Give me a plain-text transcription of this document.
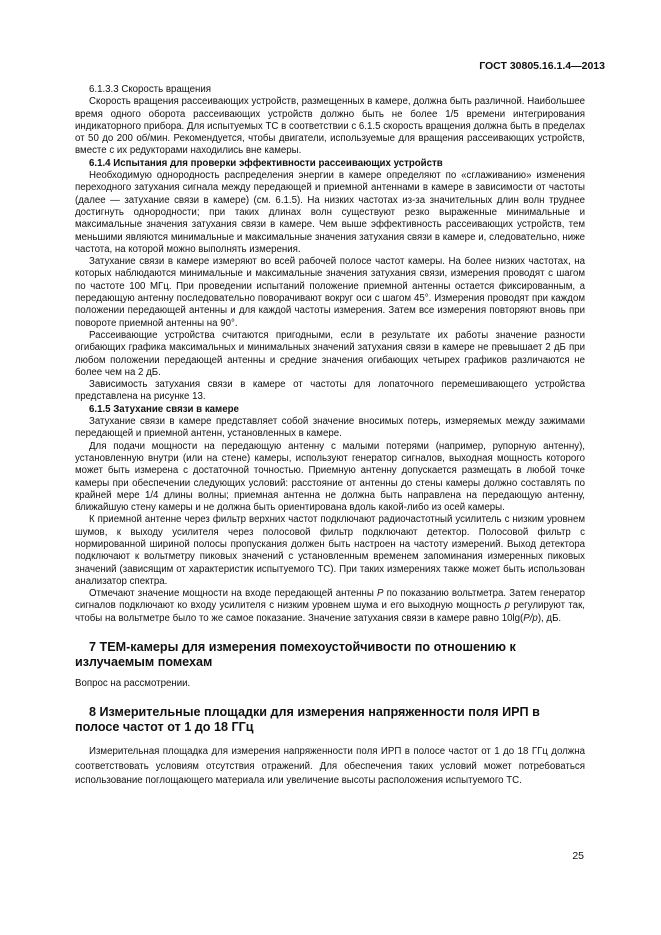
ГОСТ 30805.16.1.4—2013

6.1.3.3 Скорость вращения

Скорость вращения рассеивающих устройств, размещенных в камере, должна быть различной. Наибольшее время одного оборота рассеивающих устройств должно быть не более 1/5 времени интегрирования индикаторного прибора. Для испытуемых ТС в соответствии с 6.1.5 скорость вращения должна быть в пределах от 50 до 200 об/мин. Рекомендуется, чтобы двигатели, используемые для вращения рассеивающих устройств, вместе с их редукторами находились вне камеры.

6.1.4 Испытания для проверки эффективности рассеивающих устройств

Необходимую однородность распределения энергии в камере определяют по «сглаживанию» изменения переходного затухания сигнала между передающей и приемной антеннами в камере в зависимости от частоты (далее — затухание связи в камере) (см. 6.1.5). На низких частотах из-за значительных длин волн труднее достигнуть однородности; при таких длинах волн существуют резко выраженные минимальные и максимальные значения затухания связи в камере. Чем выше эффективность рассеивающих устройств, тем меньшими являются минимальные и максимальные значения затухания связи в камере и, следовательно, ниже частота, на которой можно выполнять измерения.

Затухание связи в камере измеряют во всей рабочей полосе частот камеры. На более низких частотах, на которых наблюдаются минимальные и максимальные значения затухания связи, измерения проводят с шагом по частоте 100 МГц. При проведении испытаний положение приемной антенны остается фиксированным, а передающую антенну последовательно поворачивают вокруг оси с шагом 45°. Измерения проводят при каждом положении передающей антенны и для каждой частоты измерения. Затем все измерения повторяют вновь при повороте приемной антенны на 90°.

Рассеивающие устройства считаются пригодными, если в результате их работы значение разности огибающих графика максимальных и минимальных значений затухания связи в камере не превышает 2 дБ при любом положении передающей антенны и средние значения огибающих четырех графиков различаются не более чем на 2 дБ.

Зависимость затухания связи в камере от частоты для лопаточного перемешивающего устройства представлена на рисунке 13.

6.1.5 Затухание связи в камере

Затухание связи в камере представляет собой значение вносимых потерь, измеряемых между зажимами передающей и приемной антенн, установленных в камере.

Для подачи мощности на передающую антенну с малыми потерями (например, рупорную антенну), установленную внутри (или на стене) камеры, используют генератор сигналов, выходная мощность которого может быть измерена с достаточной точностью. Приемную антенну допускается размещать в любой точке камеры при обеспечении следующих условий: расстояние от антенны до стены камеры должно составлять по крайней мере 1/4 длины волны; приемная антенна не должна быть направлена на передающую антенну, ближайшую стену камеры и не должна быть ориентирована вдоль какой-либо из осей камеры.

К приемной антенне через фильтр верхних частот подключают радиочастотный усилитель с низким уровнем шумов, к выходу усилителя через полосовой фильтр подключают детектор. Полосовой фильтр с нормированной шириной полосы пропускания должен быть настроен на частоту измерений. Выход детектора подключают к вольтметру пиковых значений с установленным временем запоминания измеренных пиковых значений (зависящим от характеристик испытуемого ТС). При таких измерениях также может быть использован анализатор спектра.

Отмечают значение мощности на входе передающей антенны P по показанию вольтметра. Затем генератор сигналов подключают ко входу усилителя с низким уровнем шума и его выходную мощность p регулируют так, чтобы на вольтметре было то же самое показание. Значение затухания связи в камере равно 10lg(P/p), дБ.

7 ТЕМ-камеры для измерения помехоустойчивости по отношению к излучаемым помехам

Вопрос на рассмотрении.

8 Измерительные площадки для измерения напряженности поля ИРП в полосе частот от 1 до 18 ГГц

Измерительная площадка для измерения напряженности поля ИРП в полосе частот от 1 до 18 ГГц должна соответствовать условиям отсутствия отражений. Для обеспечения таких условий может потребоваться использование поглощающего материала или увеличение высоты расположения испытуемого ТС.

25
